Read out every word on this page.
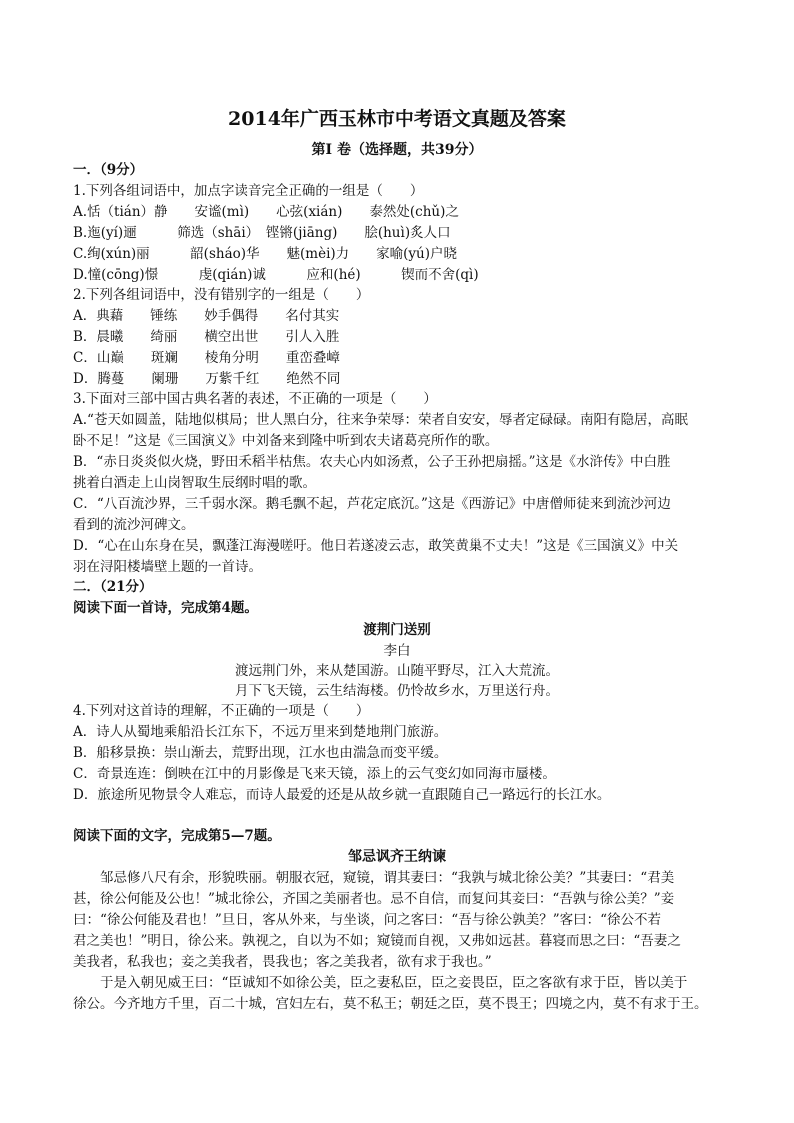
2014年广西玉林市中考语文真题及答案
第Ⅰ 卷（选择题，共39分）
一．（9分）
1.下列各组词语中，加点字读音完全正确的一组是（　　）
A.恬（tián）静　　安谧(mì)　　心弦(xián)　　泰然处(chǔ)之
B.迤(yí)逦　　　筛选（shāi）　铿锵(jiāng)　　脍(huì)炙人口
C.绚(xún)丽　　　韶(sháo)华　　魅(mèi)力　　家喻(yú)户晓
D.憧(cōng)憬　　　虔(qián)诚　　　应和(hé)　　　锲而不舍(qì)
2.下列各组词语中，没有错别字的一组是（　　）
A．典藉　　锤练　　妙手偶得　　名付其实
B．晨曦　　绮丽　　横空出世　　引人入胜
C．山巅　　斑斓　　棱角分明　　重峦叠嶂
D．腾蔓　　阑珊　　万紫千红　　绝然不同
3.下面对三部中国古典名著的表述，不正确的一项是（　　）
A.“苍天如圆盖，陆地似棋局；世人黑白分，往来争荣辱：荣者自安安，辱者定碌碌。南阳有隐居，高眠
卧不足！”这是《三国演义》中刘备来到隆中听到农夫诸葛亮所作的歌。
B．“赤日炎炎似火烧，野田禾稻半枯焦。农夫心内如汤煮，公子王孙把扇摇。”这是《水浒传》中白胜
挑着白酒走上山岗智取生辰纲时唱的歌。
C．“八百流沙界，三千弱水深。鹅毛飘不起，芦花定底沉。”这是《西游记》中唐僧师徒来到流沙河边
看到的流沙河碑文。
D．“心在山东身在吴，飘蓬江海漫嗟吁。他日若遂凌云志，敢笑黄巢不丈夫！”这是《三国演义》中关
羽在浔阳楼墙壁上题的一首诗。
二．（21分）
阅读下面一首诗，完成第4题。
渡荆门送别
李白
渡远荆门外，来从楚国游。山随平野尽，江入大荒流。
月下飞天镜，云生结海楼。仍怜故乡水，万里送行舟。
4.下列对这首诗的理解，不正确的一项是（　　）
A．诗人从蜀地乘船沿长江东下，不远万里来到楚地荆门旅游。
B．船移景换：崇山渐去，荒野出现，江水也由湍急而变平缓。
C．奇景连连：倒映在江中的月影像是飞来天镜，添上的云气变幻如同海市蜃楼。
D．旅途所见物景令人难忘，而诗人最爱的还是从故乡就一直跟随自己一路远行的长江水。
阅读下面的文字，完成第5—7题。
邹忌讽齐王纳谏
　　邹忌修八尺有余，形貌昳丽。朝服衣冠，窥镜，谓其妻曰：“我孰与城北徐公美？”其妻曰：“君美
甚，徐公何能及公也！”城北徐公，齐国之美丽者也。忌不自信，而复问其妾曰：“吾孰与徐公美？”妾
曰：“徐公何能及君也！”旦日，客从外来，与坐谈，问之客曰：“吾与徐公孰美？”客曰：“徐公不若
君之美也！”明日，徐公来。孰视之，自以为不如；窥镜而自视，又弗如远甚。暮寝而思之曰：“吾妻之
美我者，私我也；妾之美我者，畏我也；客之美我者，欲有求于我也。”
　　于是入朝见威王曰：“臣诚知不如徐公美，臣之妻私臣，臣之妾畏臣，臣之客欲有求于臣，皆以美于
徐公。今齐地方千里，百二十城，宫妇左右，莫不私王；朝廷之臣，莫不畏王；四境之内，莫不有求于王。
